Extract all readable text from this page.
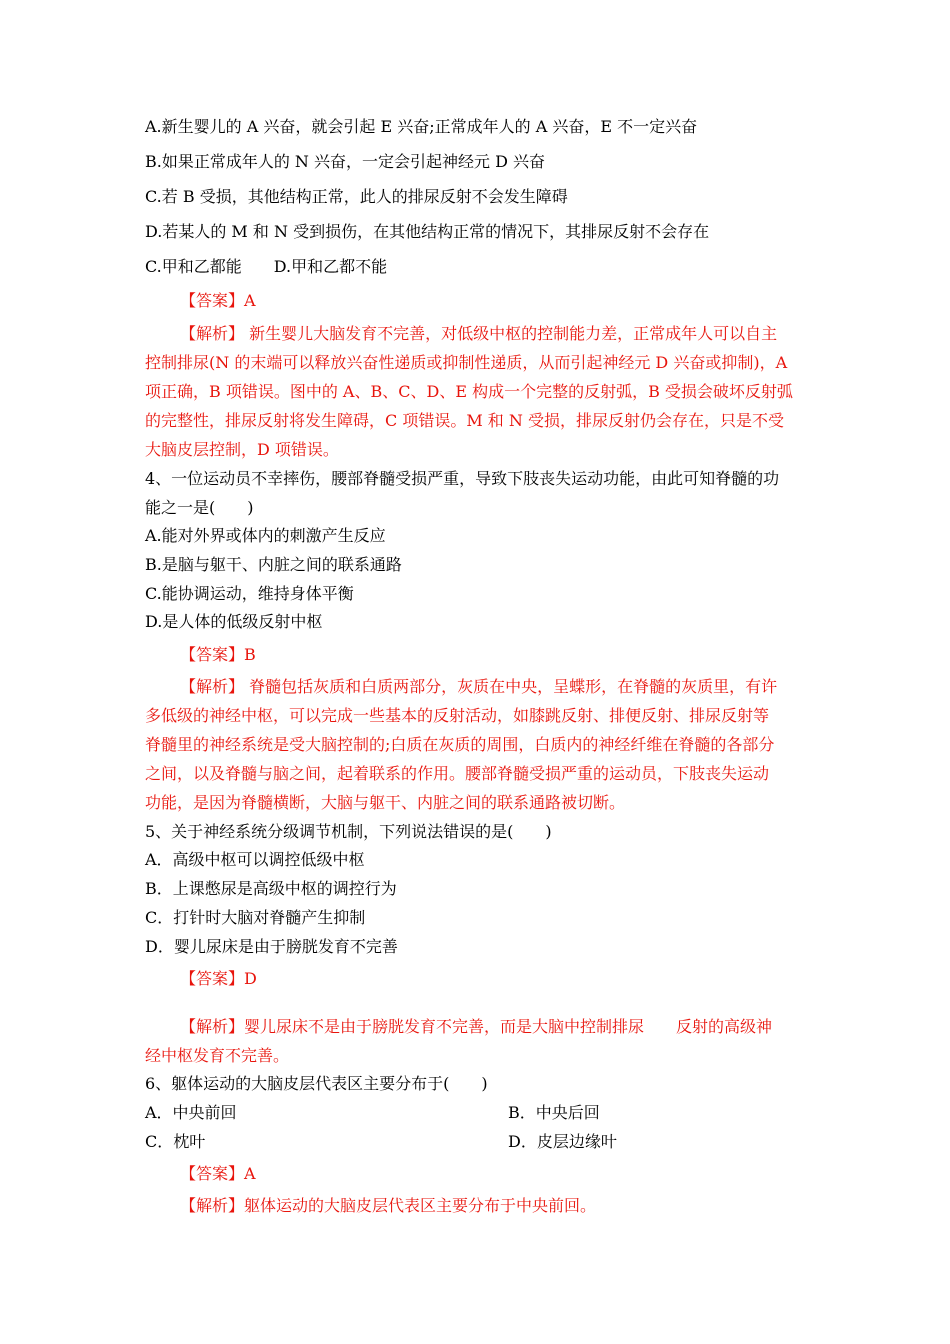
A.新生婴儿的 A 兴奋，就会引起 E 兴奋;正常成年人的 A 兴奋，E 不一定兴奋
B.如果正常成年人的 N 兴奋，一定会引起神经元 D 兴奋
C.若 B 受损，其他结构正常，此人的排尿反射不会发生障碍
D.若某人的 M 和 N 受到损伤，在其他结构正常的情况下，其排尿反射不会存在
C.甲和乙都能　　D.甲和乙都不能
【答案】A
【解析】 新生婴儿大脑发育不完善，对低级中枢的控制能力差，正常成年人可以自主
控制排尿(N 的末端可以释放兴奋性递质或抑制性递质，从而引起神经元 D 兴奋或抑制)，A
项正确，B 项错误。图中的 A、B、C、D、E 构成一个完整的反射弧，B 受损会破坏反射弧
的完整性，排尿反射将发生障碍，C 项错误。M 和 N 受损，排尿反射仍会存在，只是不受
大脑皮层控制，D 项错误。
4、一位运动员不幸摔伤，腰部脊髓受损严重，导致下肢丧失运动功能，由此可知脊髓的功
能之一是(　　)
A.能对外界或体内的刺激产生反应
B.是脑与躯干、内脏之间的联系通路
C.能协调运动，维持身体平衡
D.是人体的低级反射中枢
【答案】B
【解析】 脊髓包括灰质和白质两部分，灰质在中央，呈蝶形，在脊髓的灰质里，有许
多低级的神经中枢，可以完成一些基本的反射活动，如膝跳反射、排便反射、排尿反射等
脊髓里的神经系统是受大脑控制的;白质在灰质的周围，白质内的神经纤维在脊髓的各部分
之间，以及脊髓与脑之间，起着联系的作用。腰部脊髓受损严重的运动员，下肢丧失运动
功能，是因为脊髓横断，大脑与躯干、内脏之间的联系通路被切断。
5、关于神经系统分级调节机制，下列说法错误的是(　　)
A．高级中枢可以调控低级中枢
B．上课憋尿是高级中枢的调控行为
C．打针时大脑对脊髓产生抑制
D．婴儿尿床是由于膀胱发育不完善
【答案】D
【解析】婴儿尿床不是由于膀胱发育不完善，而是大脑中控制排尿　　反射的高级神
经中枢发育不完善。
6、躯体运动的大脑皮层代表区主要分布于(　　)
A．中央前回	B．中央后回
C．枕叶	D．皮层边缘叶
【答案】A
【解析】躯体运动的大脑皮层代表区主要分布于中央前回。
